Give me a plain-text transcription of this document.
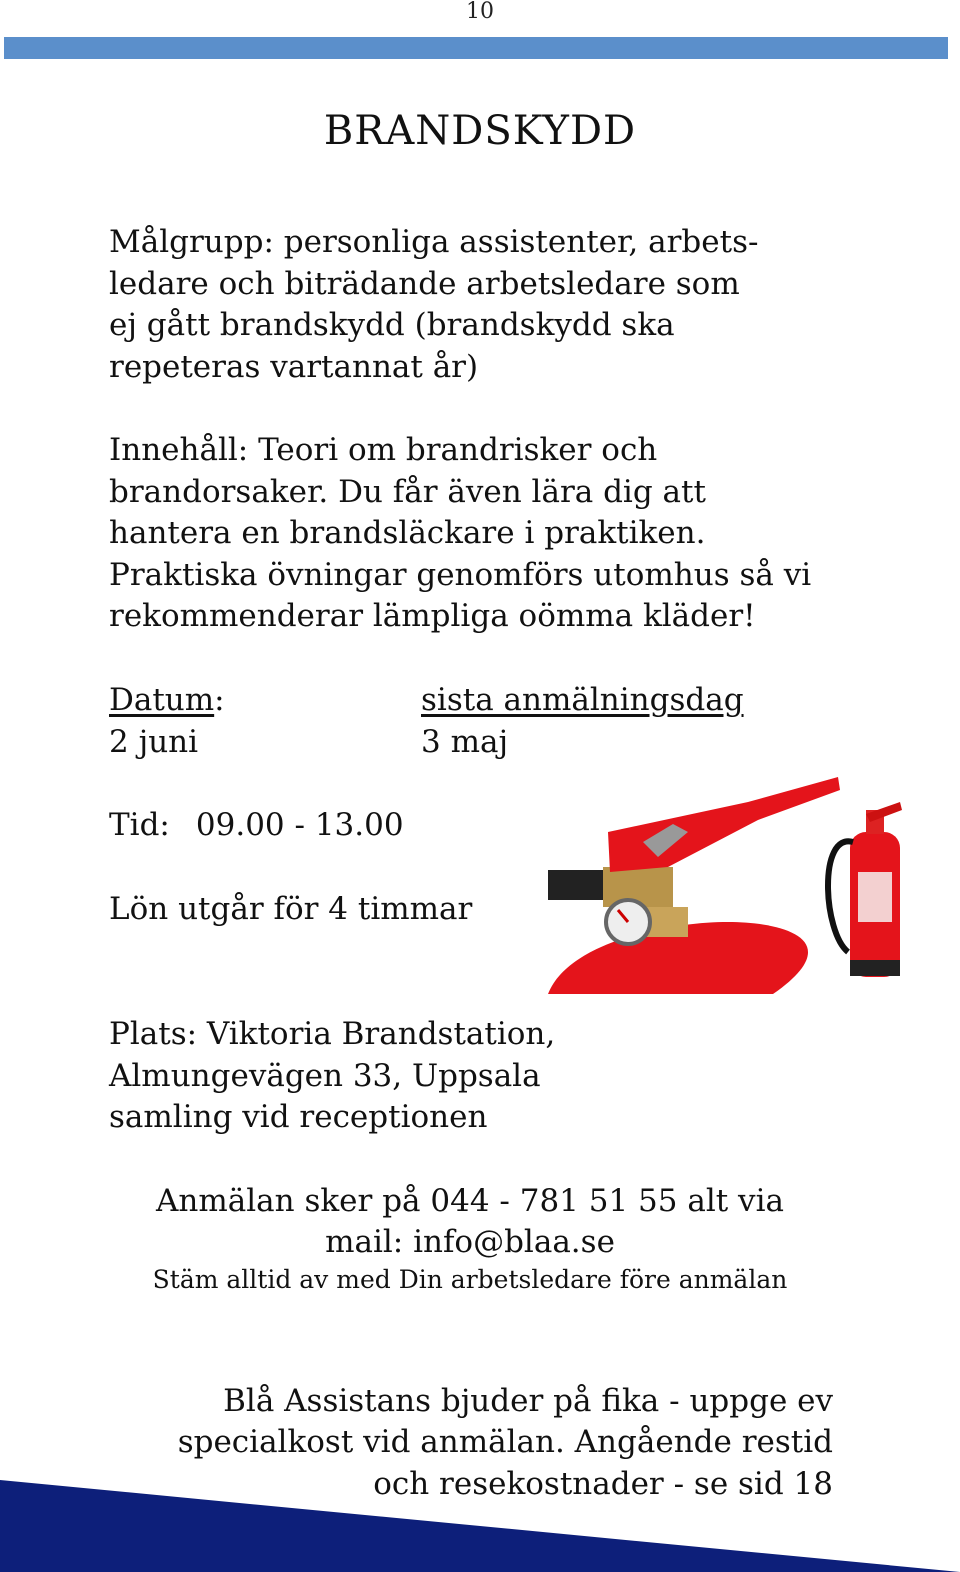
10
BRANDSKYDD

Målgrupp: personliga assistenter, arbets-
ledare och biträdande arbetsledare som
ej gått brandskydd (brandskydd ska
repeteras vartannat år)

Innehåll: Teori om brandrisker och
brandorsaker. Du får även lära dig att
hantera en brandsläckare i praktiken.
Praktiska övningar genomförs utomhus så vi
rekommenderar lämpliga oömma kläder!

Datum:
2 juni
sista anmälningsdag
3 maj
Tid: 09.00 - 13.00
Lön utgår för 4 timmar

Plats: Viktoria Brandstation,
Almungevägen 33, Uppsala
samling vid receptionen

Anmälan sker på 044 - 781 51 55 alt via
mail: info@blaa.se
Stäm alltid av med Din arbetsledare före anmälan
Blå Assistans bjuder på fika - uppge ev
specialkost vid anmälan. Angående restid
och resekostnader - se sid 18
